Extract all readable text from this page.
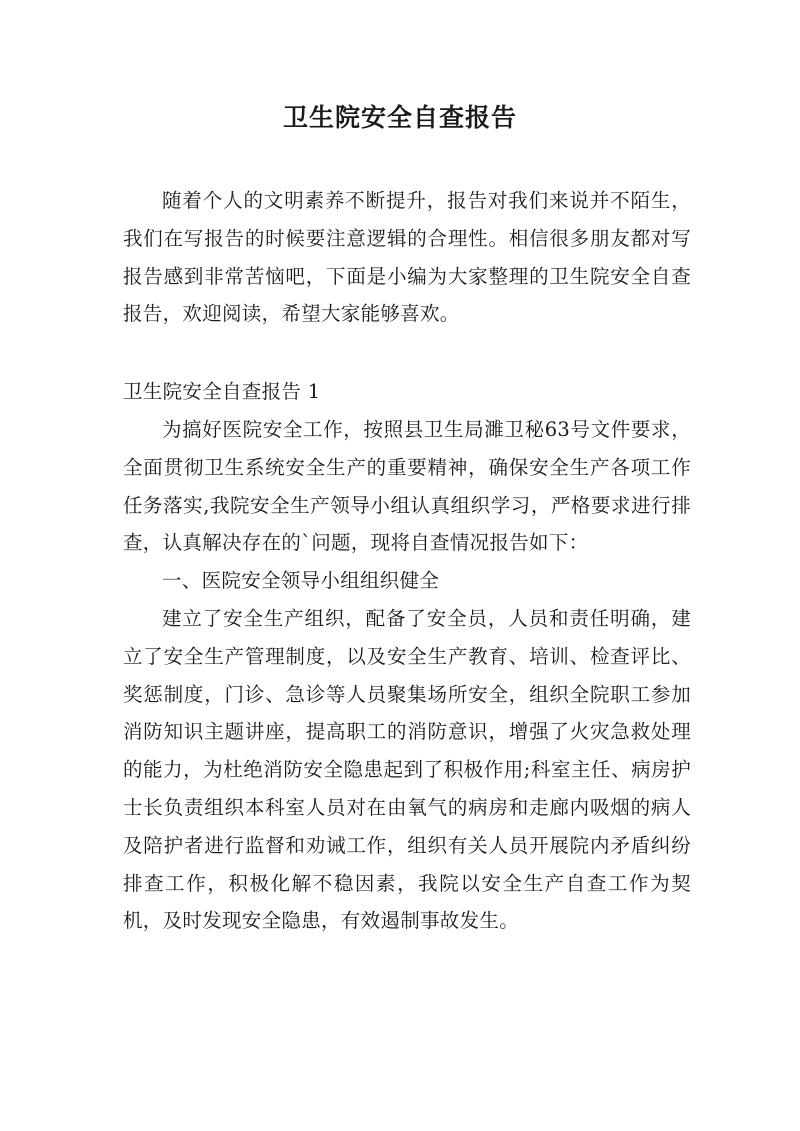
卫生院安全自查报告

随着个人的文明素养不断提升，报告对我们来说并不陌生，我们在写报告的时候要注意逻辑的合理性。相信很多朋友都对写报告感到非常苦恼吧，下面是小编为大家整理的卫生院安全自查报告，欢迎阅读，希望大家能够喜欢。

卫生院安全自查报告 1

为搞好医院安全工作，按照县卫生局濉卫秘63号文件要求，全面贯彻卫生系统安全生产的重要精神，确保安全生产各项工作任务落实,我院安全生产领导小组认真组织学习，严格要求进行排查，认真解决存在的`问题，现将自查情况报告如下：

一、医院安全领导小组组织健全

建立了安全生产组织，配备了安全员，人员和责任明确，建立了安全生产管理制度，以及安全生产教育、培训、检查评比、奖惩制度，门诊、急诊等人员聚集场所安全，组织全院职工参加消防知识主题讲座，提高职工的消防意识，增强了火灾急救处理的能力，为杜绝消防安全隐患起到了积极作用;科室主任、病房护士长负责组织本科室人员对在由氧气的病房和走廊内吸烟的病人及陪护者进行监督和劝诫工作，组织有关人员开展院内矛盾纠纷排查工作，积极化解不稳因素，我院以安全生产自查工作为契机，及时发现安全隐患，有效遏制事故发生。
